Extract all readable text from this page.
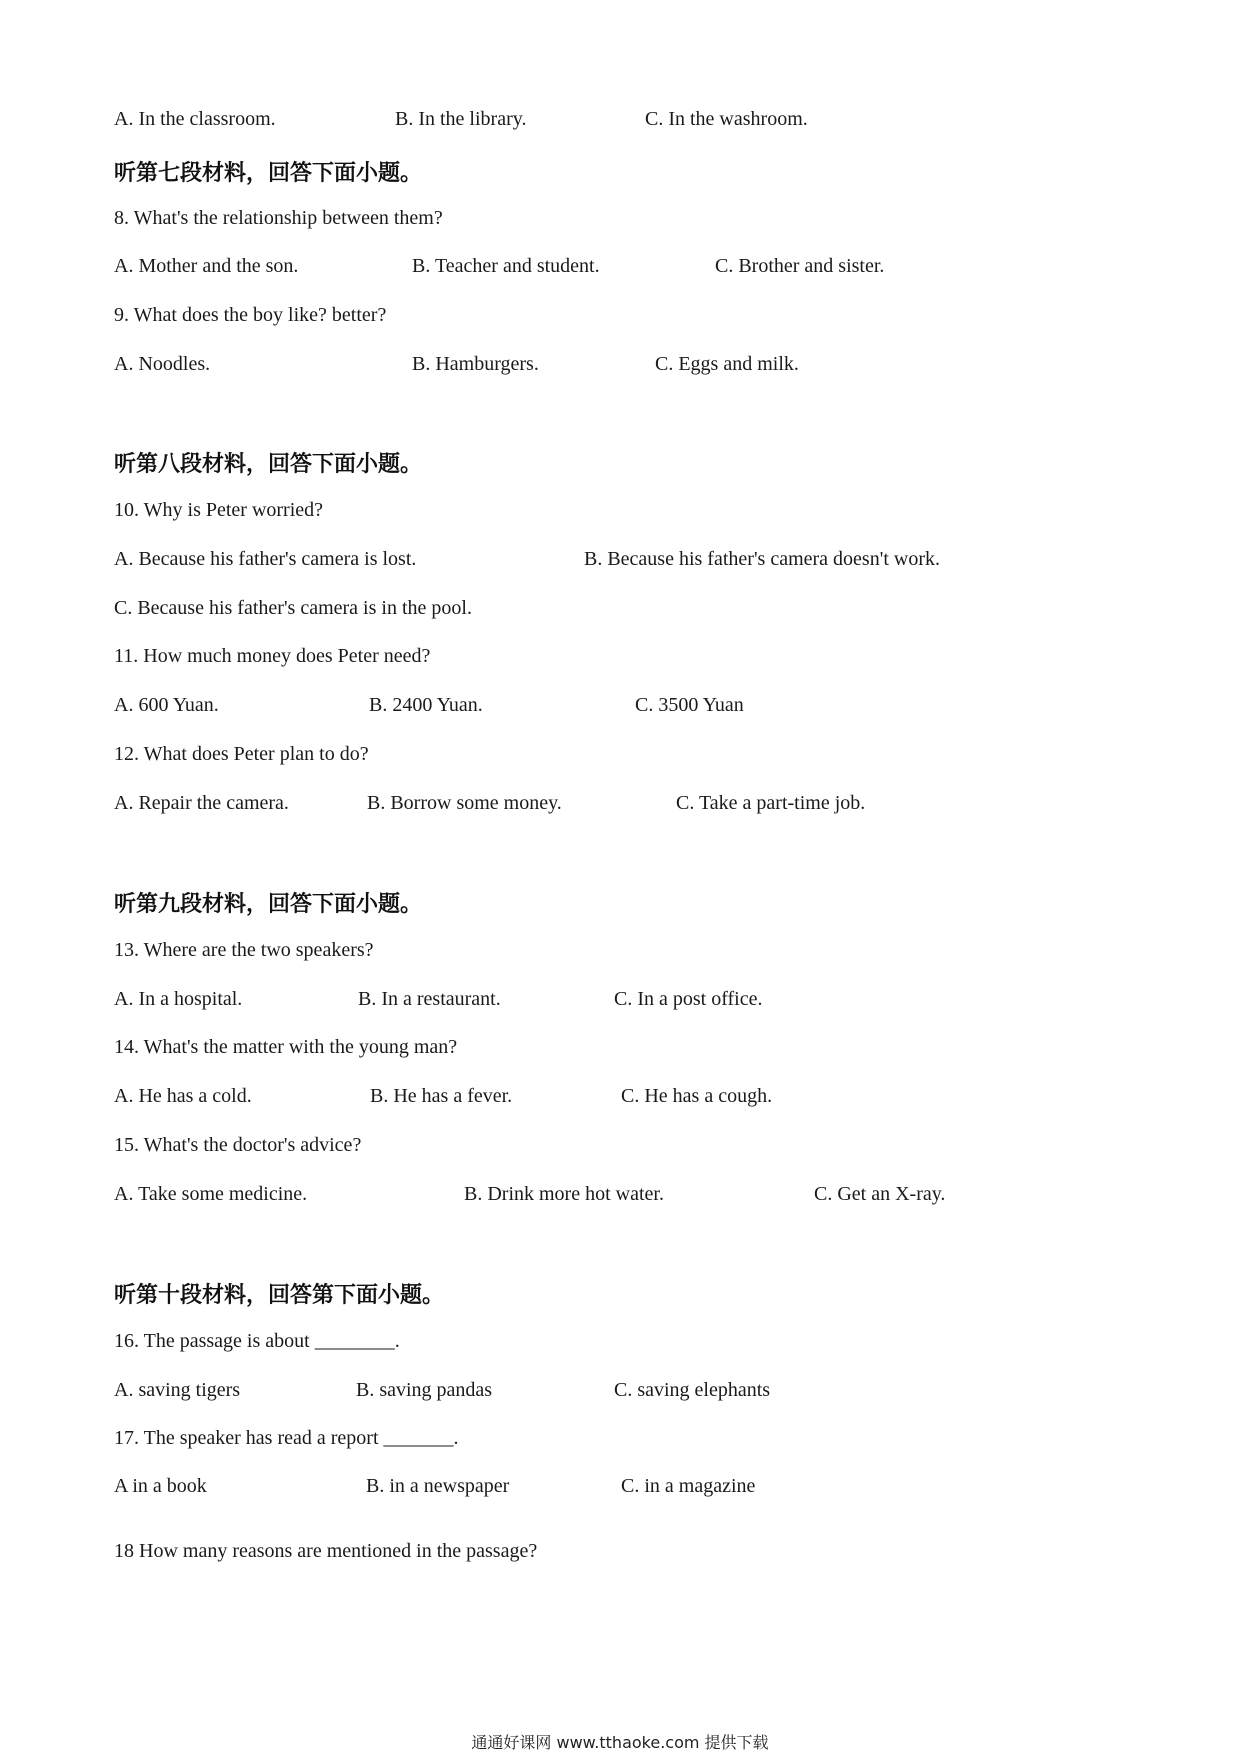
A. In the classroom.	B. In the library.	C. In the washroom.
听第七段材料，回答下面小题。
8. What's the relationship between them?
A. Mother and the son.	B. Teacher and student.	C. Brother and sister.
9. What does the boy like? better?
A. Noodles.	B. Hamburgers.	C. Eggs and milk.
听第八段材料，回答下面小题。
10. Why is Peter worried?
A. Because his father's camera is lost.	B. Because his father's camera doesn't work.
C. Because his father's camera is in the pool.
11. How much money does Peter need?
A. 600 Yuan.	B. 2400 Yuan.	C. 3500 Yuan
12. What does Peter plan to do?
A. Repair the camera.	B. Borrow some money.	C. Take a part-time job.
听第九段材料，回答下面小题。
13. Where are the two speakers?
A. In a hospital.	B. In a restaurant.	C. In a post office.
14. What's the matter with the young man?
A. He has a cold.	B. He has a fever.	C. He has a cough.
15. What's the doctor's advice?
A. Take some medicine.	B. Drink more hot water.	C. Get an X-ray.
听第十段材料，回答第下面小题。
16. The passage is about ________.
A. saving tigers	B. saving pandas	C. saving elephants
17. The speaker has read a report _______.
A in a book	B. in a newspaper	C. in a magazine
18 How many reasons are mentioned in the passage?
通通好课网 www.tthaoke.com 提供下载
